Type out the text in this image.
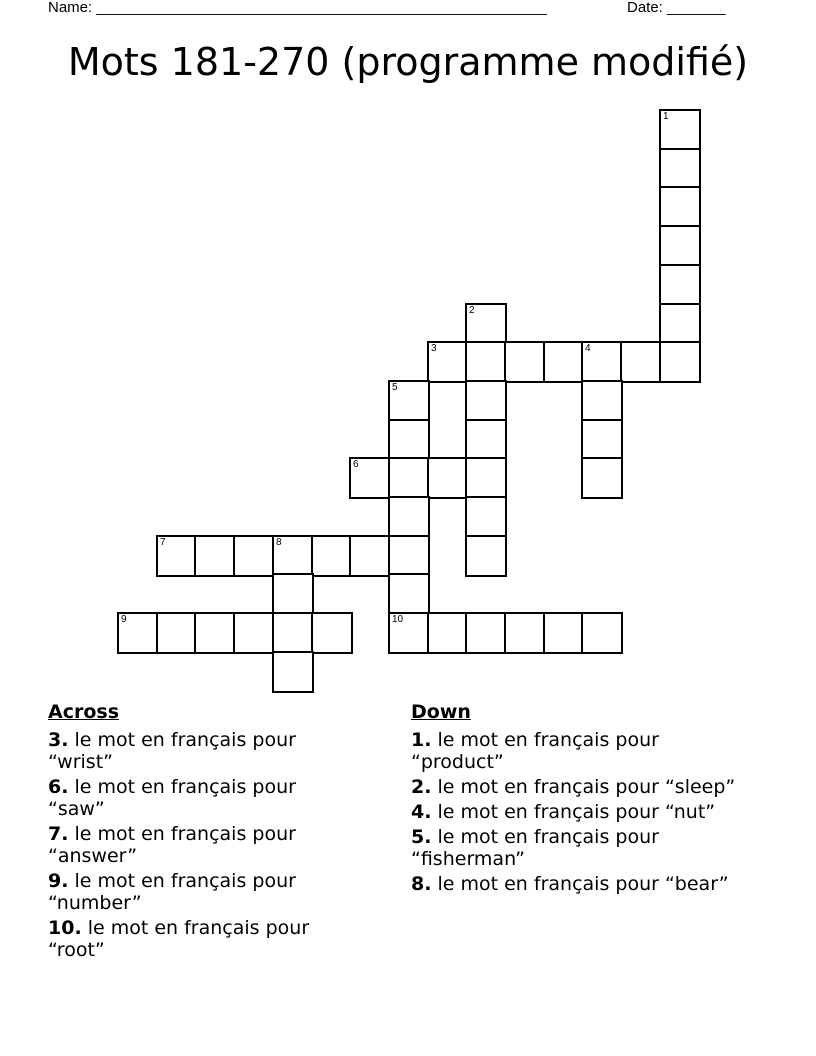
Name: ______________________________________________________	Date: _______
Mots 181-270 (programme modifié)
1
2
3	4
5
6
7	8
9	10
Across
3. le mot en français pour “wrist”
6. le mot en français pour “saw”
7. le mot en français pour “answer”
9. le mot en français pour “number”
10. le mot en français pour “root”
Down
1. le mot en français pour “product”
2. le mot en français pour “sleep”
4. le mot en français pour “nut”
5. le mot en français pour “fisherman”
8. le mot en français pour “bear”
